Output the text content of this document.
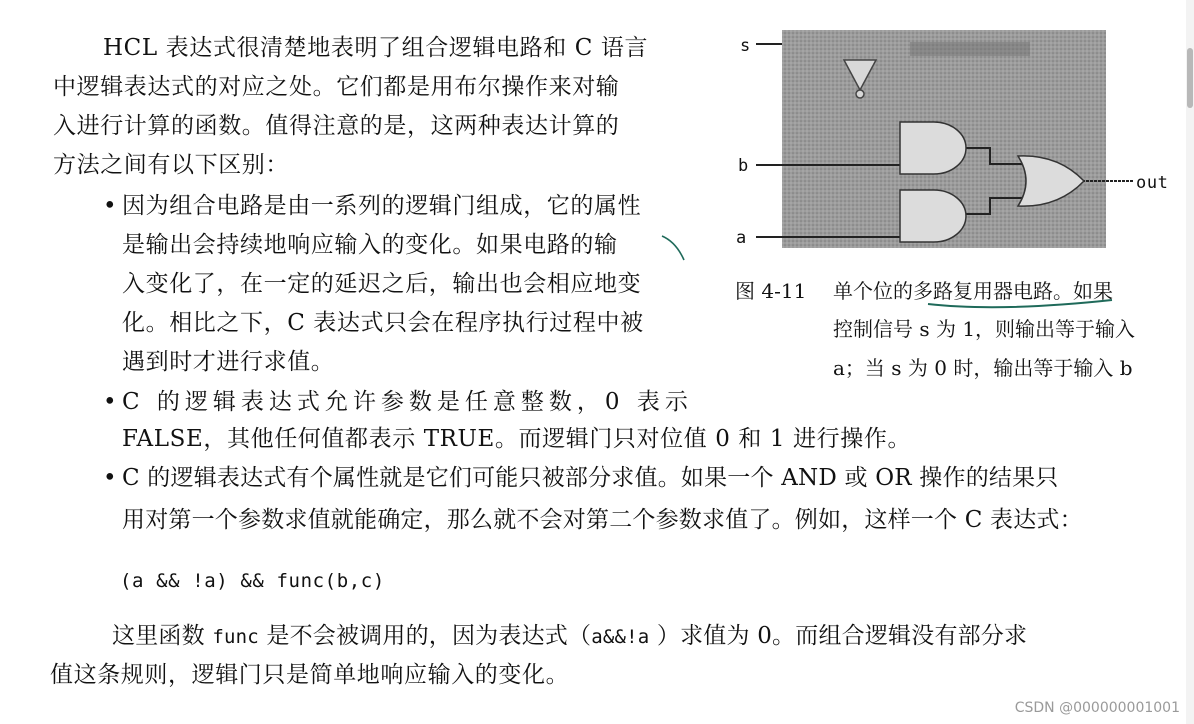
HCL 表达式很清楚地表明了组合逻辑电路和 C 语言
中逻辑表达式的对应之处。它们都是用布尔操作来对输
入进行计算的函数。值得注意的是，这两种表达计算的
方法之间有以下区别：
• 因为组合电路是由一系列的逻辑门组成，它的属性
是输出会持续地响应输入的变化。如果电路的输
入变化了，在一定的延迟之后，输出也会相应地变
化。相比之下，C 表达式只会在程序执行过程中被
遇到时才进行求值。
• C 的逻辑表达式允许参数是任意整数，0 表示
FALSE，其他任何值都表示 TRUE。而逻辑门只对位值 0 和 1 进行操作。
• C 的逻辑表达式有个属性就是它们可能只被部分求值。如果一个 AND 或 OR 操作的结果只
用对第一个参数求值就能确定，那么就不会对第二个参数求值了。例如，这样一个 C 表达式：
(a && !a) && func(b,c)
这里函数 func 是不会被调用的，因为表达式（a&&!a ）求值为 0。而组合逻辑没有部分求
值这条规则，逻辑门只是简单地响应输入的变化。
s
b
a
out
图 4-11 单个位的多路复用器电路。如果
控制信号 s 为 1，则输出等于输入
a；当 s 为 0 时，输出等于输入 b
CSDN @000000001001
